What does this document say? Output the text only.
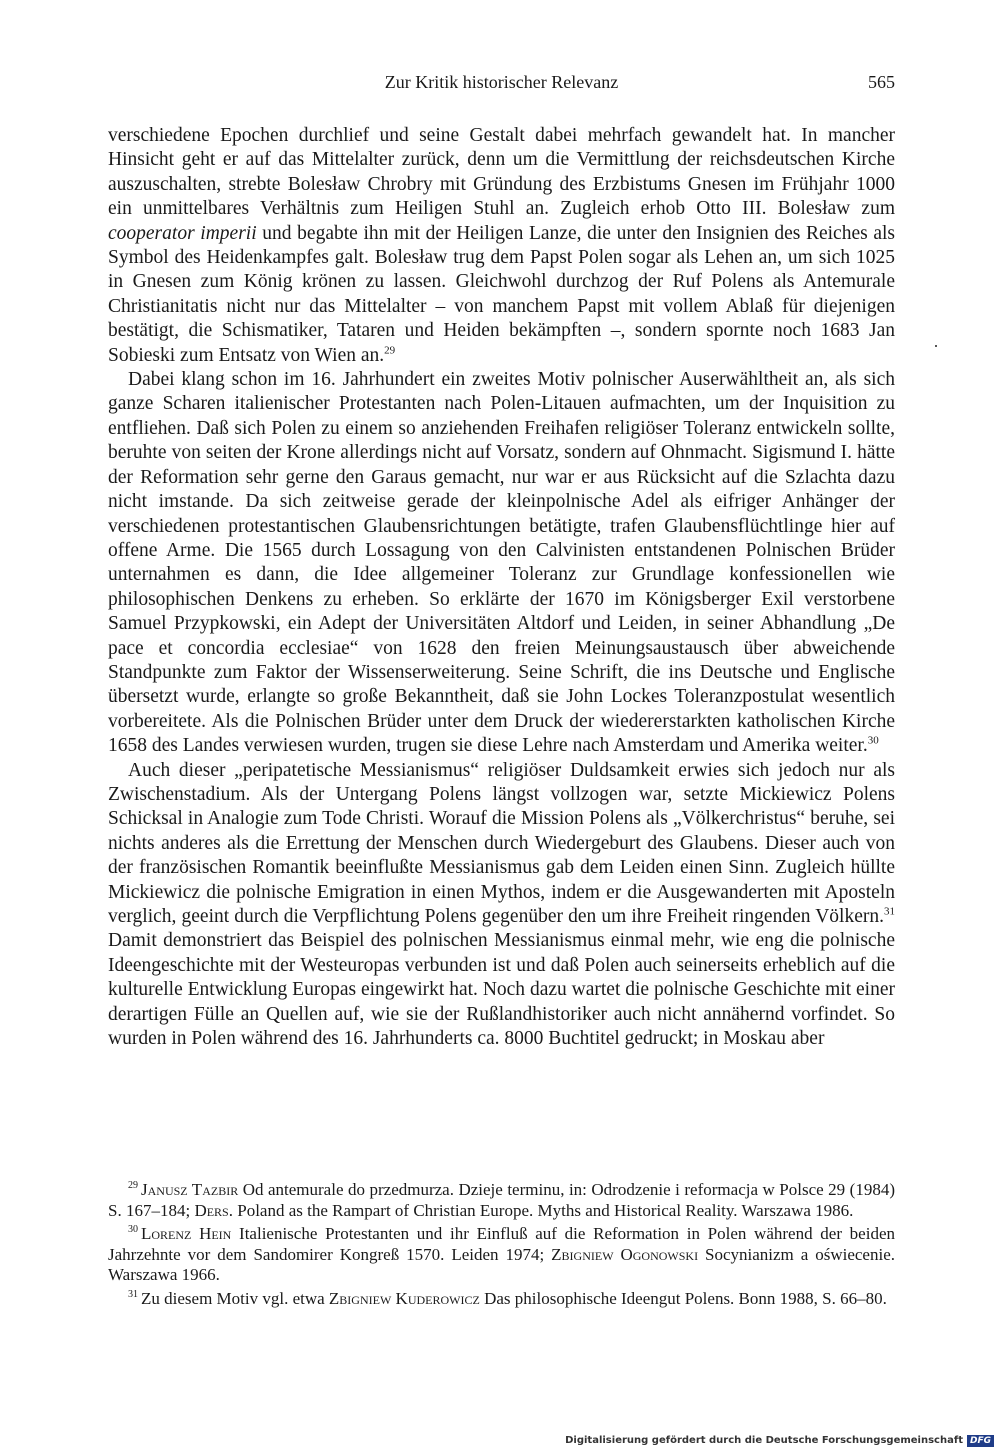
Zur Kritik historischer Relevanz	565

verschiedene Epochen durchlief und seine Gestalt dabei mehrfach gewandelt hat. In mancher Hinsicht geht er auf das Mittelalter zurück, denn um die Vermittlung der reichsdeutschen Kirche auszuschalten, strebte Bolesław Chrobry mit Gründung des Erzbistums Gnesen im Frühjahr 1000 ein unmittelbares Verhältnis zum Heiligen Stuhl an. Zugleich erhob Otto III. Bolesław zum cooperator imperii und begabte ihn mit der Heiligen Lanze, die unter den Insignien des Reiches als Symbol des Heidenkampfes galt. Bolesław trug dem Papst Polen sogar als Lehen an, um sich 1025 in Gnesen zum König krönen zu lassen. Gleichwohl durchzog der Ruf Polens als Antemurale Christianitatis nicht nur das Mittelalter – von manchem Papst mit vollem Ablaß für diejenigen bestätigt, die Schismatiker, Tataren und Heiden bekämpften –, sondern spornte noch 1683 Jan Sobieski zum Entsatz von Wien an.$^{29}$

Dabei klang schon im 16. Jahrhundert ein zweites Motiv polnischer Auserwähltheit an, als sich ganze Scharen italienischer Protestanten nach Polen-Litauen aufmachten, um der Inquisition zu entfliehen. Daß sich Polen zu einem so anziehenden Freihafen religiöser Toleranz entwickeln sollte, beruhte von seiten der Krone allerdings nicht auf Vorsatz, sondern auf Ohnmacht. Sigismund I. hätte der Reformation sehr gerne den Garaus gemacht, nur war er aus Rücksicht auf die Szlachta dazu nicht imstande. Da sich zeitweise gerade der kleinpolnische Adel als eifriger Anhänger der verschiedenen protestantischen Glaubensrichtungen betätigte, trafen Glaubensflüchtlinge hier auf offene Arme. Die 1565 durch Lossagung von den Calvinisten entstandenen Polnischen Brüder unternahmen es dann, die Idee allgemeiner Toleranz zur Grundlage konfessionellen wie philosophischen Denkens zu erheben. So erklärte der 1670 im Königsberger Exil verstorbene Samuel Przypkowski, ein Adept der Universitäten Altdorf und Leiden, in seiner Abhandlung „De pace et concordia ecclesiae“ von 1628 den freien Meinungsaustausch über abweichende Standpunkte zum Faktor der Wissenserweiterung. Seine Schrift, die ins Deutsche und Englische übersetzt wurde, erlangte so große Bekanntheit, daß sie John Lockes Toleranzpostulat wesentlich vorbereitete. Als die Polnischen Brüder unter dem Druck der wiedererstarkten katholischen Kirche 1658 des Landes verwiesen wurden, trugen sie diese Lehre nach Amsterdam und Amerika weiter.$^{30}$

Auch dieser „peripatetische Messianismus“ religiöser Duldsamkeit erwies sich jedoch nur als Zwischenstadium. Als der Untergang Polens längst vollzogen war, setzte Mickiewicz Polens Schicksal in Analogie zum Tode Christi. Worauf die Mission Polens als „Völkerchristus“ beruhe, sei nichts anderes als die Errettung der Menschen durch Wiedergeburt des Glaubens. Dieser auch von der französischen Romantik beeinflußte Messianismus gab dem Leiden einen Sinn. Zugleich hüllte Mickiewicz die polnische Emigration in einen Mythos, indem er die Ausgewanderten mit Aposteln verglich, geeint durch die Verpflichtung Polens gegenüber den um ihre Freiheit ringenden Völkern.$^{31}$ Damit demonstriert das Beispiel des polnischen Messianismus einmal mehr, wie eng die polnische Ideengeschichte mit der Westeuropas verbunden ist und daß Polen auch seinerseits erheblich auf die kulturelle Entwicklung Europas eingewirkt hat. Noch dazu wartet die polnische Geschichte mit einer derartigen Fülle an Quellen auf, wie sie der Rußlandhistoriker auch nicht annähernd vorfindet. So wurden in Polen während des 16. Jahrhunderts ca. 8000 Buchtitel gedruckt; in Moskau aber

$^{29}$ Janusz Tazbir Od antemurale do przedmurza. Dzieje terminu, in: Odrodzenie i reformacja w Polsce 29 (1984) S. 167–184; Ders. Poland as the Rampart of Christian Europe. Myths and Historical Reality. Warszawa 1986.

$^{30}$ Lorenz Hein Italienische Protestanten und ihr Einfluß auf die Reformation in Polen während der beiden Jahrzehnte vor dem Sandomirer Kongreß 1570. Leiden 1974; Zbigniew Ogonowski Socynianizm a oświecenie. Warszawa 1966.

$^{31}$ Zu diesem Motiv vgl. etwa Zbigniew Kuderowicz Das philosophische Ideengut Polens. Bonn 1988, S. 66–80.

Digitalisierung gefördert durch die Deutsche Forschungsgemeinschaft DFG
